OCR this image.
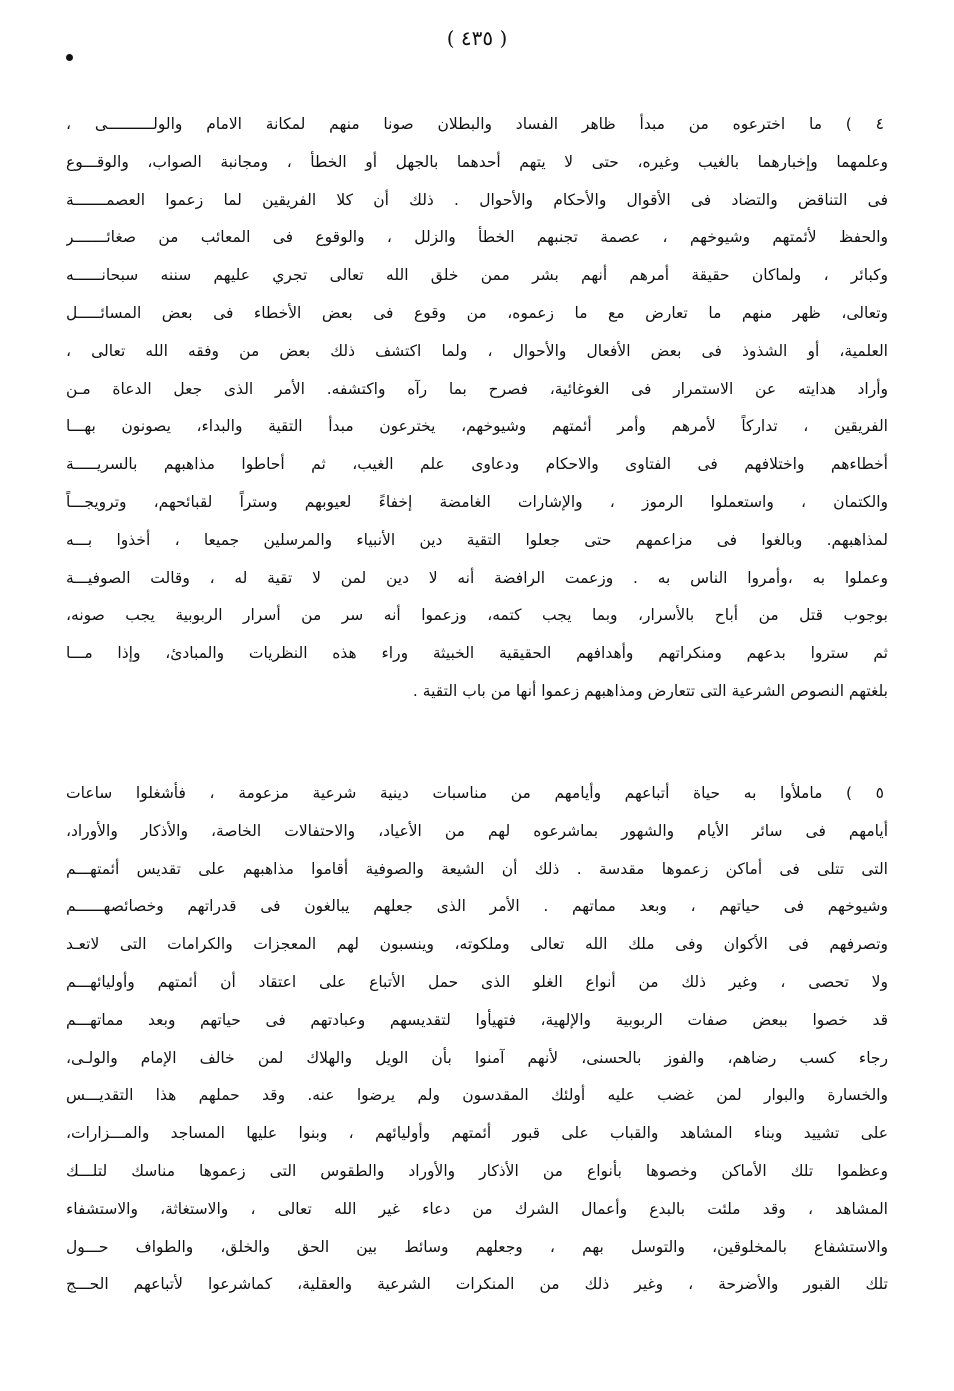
( ٤٣٥ )
٤ ) ما اخترعوه من مبدأ ظاهر الفساد والبطلان صونا منهم لمكانة الامام والولــــــــــى ،
وعلمهما وإخبارهما بالغيب وغيره، حتى لا يتهم أحدهما بالجهل أو الخطأ ، ومجانبة الصواب، والوقـــوع
فى التناقض والتضاد فى الأقوال والأحكام والأحوال . ذلك أن كلا الفريقين لما زعموا العصمـــــــة
والحفظ لأئمتهم وشيوخهم ، عصمة تجنبهم الخطأ والزلل ، والوقوع فى المعائب من صغائـــــــر
وكبائر ، ولماكان حقيقة أمرهم أنهم بشر ممن خلق الله تعالى تجري عليهم سننه سبحانــــــه
وتعالى، ظهر منهم ما تعارض مع ما زعموه، من وقوع فى بعض الأخطاء فى بعض المسائـــــل
العلمية، أو الشذوذ فى بعض الأفعال والأحوال ، ولما اكتشف ذلك بعض من وفقه الله تعالى ،
وأراد هدايته عن الاستمرار فى الغوغائية، فصرح بما رآه واكتشفه. الأمر الذى جعل الدعاة مـن
الفريقين ، تداركاً لأمرهم وأمر أئمتهم وشيوخهم، يخترعون مبدأ التقية والبداء، يصونون بهـــا
أخطاءهم واختلافهم فى الفتاوى والاحكام ودعاوى علم الغيب، ثم أحاطوا مذاهبهم بالسريـــــة
والكتمان ، واستعملوا الرموز ، والإشارات الغامضة إخفاءً لعيوبهم وستراً لقبائحهم، وترويجـــاً
لمذاهبهم. وبالغوا فى مزاعمهم حتى جعلوا التقية دين الأنبياء والمرسلين جميعا ، أخذوا بـــه
وعملوا به ،وأمروا الناس به . وزعمت الرافضة أنه لا دين لمن لا تقية له ، وقالت الصوفيـــة
بوجوب قتل من أباح بالأسرار، وبما يجب كتمه، وزعموا أنه سر من أسرار الربوبية يجب صونه،
ثم ستروا بدعهم ومنكراتهم وأهدافهم الحقيقية الخبيثة وراء هذه النظريات والمبادئ، وإذا مـــا
بلغتهم النصوص الشرعية التى تتعارض ومذاهبهم زعموا أنها من باب التقية .
٥ ) ماملأوا به حياة أتباعهم وأيامهم من مناسبات دينية شرعية مزعومة ، فأشغلوا ساعات
أيامهم فى سائر الأيام والشهور بماشرعوه لهم من الأعياد، والاحتفالات الخاصة، والأذكار والأوراد،
التى تتلى فى أماكن زعموها مقدسة . ذلك أن الشيعة والصوفية أقاموا مذاهبهم على تقديس أئمتهـــم
وشيوخهم فى حياتهم ، وبعد مماتهم . الأمر الذى جعلهم يبالغون فى قدراتهم وخصائصهــــــم
وتصرفهم فى الأكوان وفى ملك الله تعالى وملكوته، وينسبون لهم المعجزات والكرامات التى لاتعـد
ولا تحصى ، وغير ذلك من أنواع الغلو الذى حمل الأتباع على اعتقاد أن أئمتهم وأوليائهـــم
قد خصوا ببعض صفات الربوبية والإلهية، فتهيأوا لتقديسهم وعبادتهم فى حياتهم وبعد مماتهـــم
رجاء كسب رضاهم، والفوز بالحسنى، لأنهم آمنوا بأن الويل والهلاك لمن خالف الإمام والولـى،
والخسارة والبوار لمن غضب عليه أولئك المقدسون ولم يرضوا عنه. وقد حملهم هذا التقديـــس
على تشييد وبناء المشاهد والقباب على قبور أئمتهم وأوليائهم ، وبنوا عليها المساجد والمـــزارات،
وعظموا تلك الأماكن وخصوها بأنواع من الأذكار والأوراد والطقوس التى زعموها مناسك لتلـــك
المشاهد ، وقد ملئت بالبدع وأعمال الشرك من دعاء غير الله تعالى ، والاستغاثة، والاستشفاء
والاستشفاع بالمخلوقين، والتوسل بهم ، وجعلهم وسائط بين الحق والخلق، والطواف حـــول
تلك القبور والأضرحة ، وغير ذلك من المنكرات الشرعية والعقلية، كماشرعوا لأتباعهم الحـــج
